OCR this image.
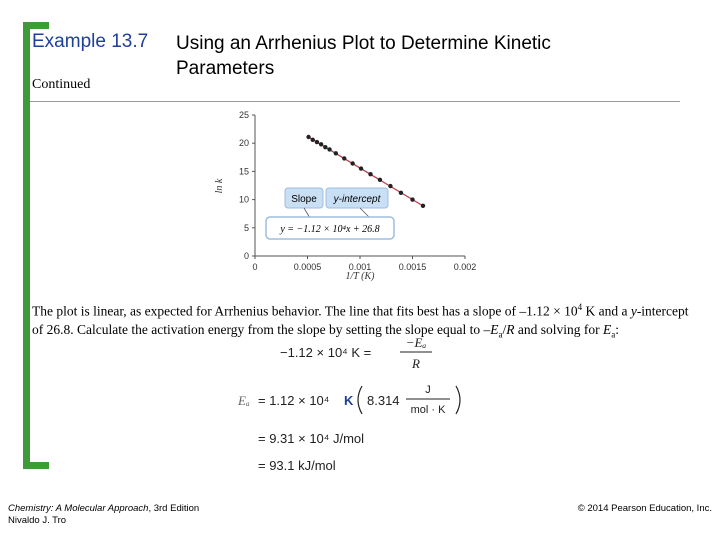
Example 13.7 Using an Arrhenius Plot to Determine Kinetic Parameters
Continued
0	0.0005	0.001	0.0015	0.002
0
5
10
15
20
25
ln k
1/T (K)
Slope y-intercept
y = −1.12 × 10⁴x + 26.8
The plot is linear, as expected for Arrhenius behavior. The line that fits best has a slope of $-1.12 \times 10^4$ K and a y-intercept of 26.8. Calculate the activation energy from the slope by setting the slope equal to $-E_a/R$ and solving for $E_a$:
−1.12 × 10⁴ K =
−Eₐ
R
Eₐ = 1.12 × 10⁴ K 8.314
J
mol · K
= 9.31 × 10⁴ J/mol
= 93.1 kJ/mol
Chemistry: A Molecular Approach, 3rd Edition
Nivaldo J. Tro
© 2014 Pearson Education, Inc.
